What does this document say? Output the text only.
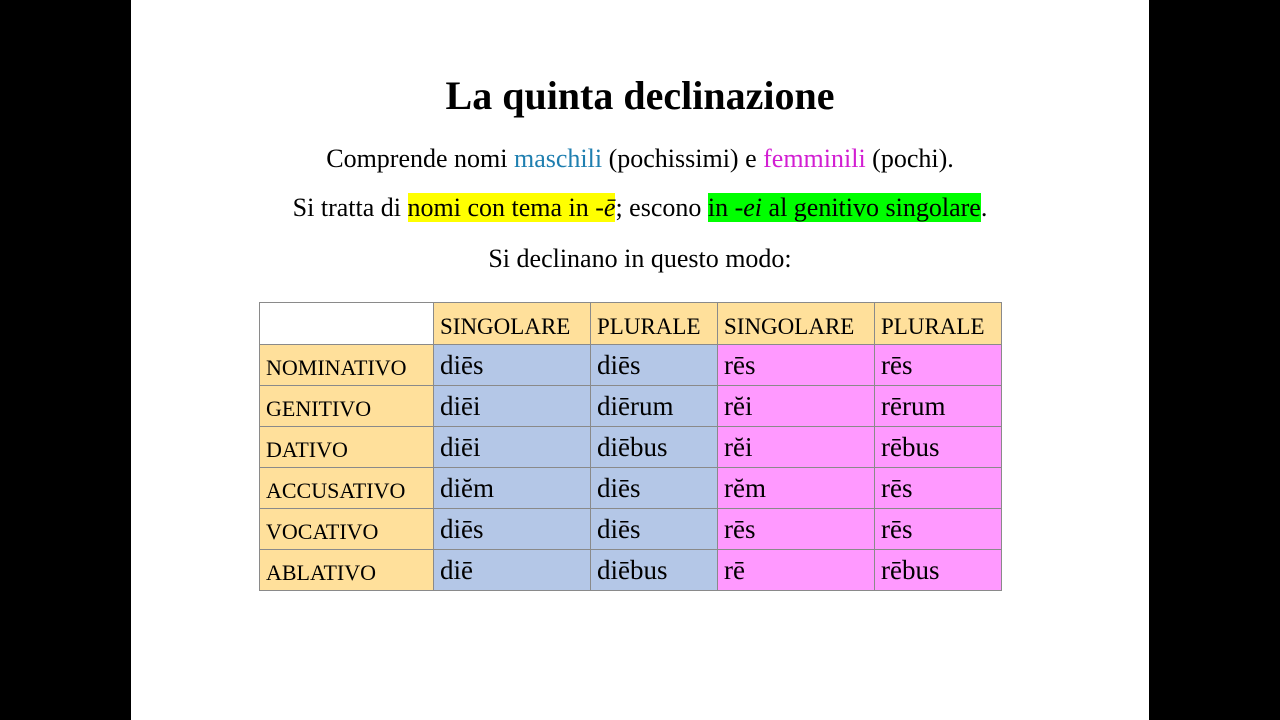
La quinta declinazione
Comprende nomi maschili (pochissimi) e femminili (pochi).
Si tratta di nomi con tema in -ē; escono in -ei al genitivo singolare.
Si declinano in questo modo:
	SINGOLARE	PLURALE	SINGOLARE	PLURALE
NOMINATIVO	diēs	diēs	rēs	rēs
GENITIVO	diēi	diērum	rĕi	rērum
DATIVO	diēi	diēbus	rĕi	rēbus
ACCUSATIVO	diĕm	diēs	rĕm	rēs
VOCATIVO	diēs	diēs	rēs	rēs
ABLATIVO	diē	diēbus	rē	rēbus
